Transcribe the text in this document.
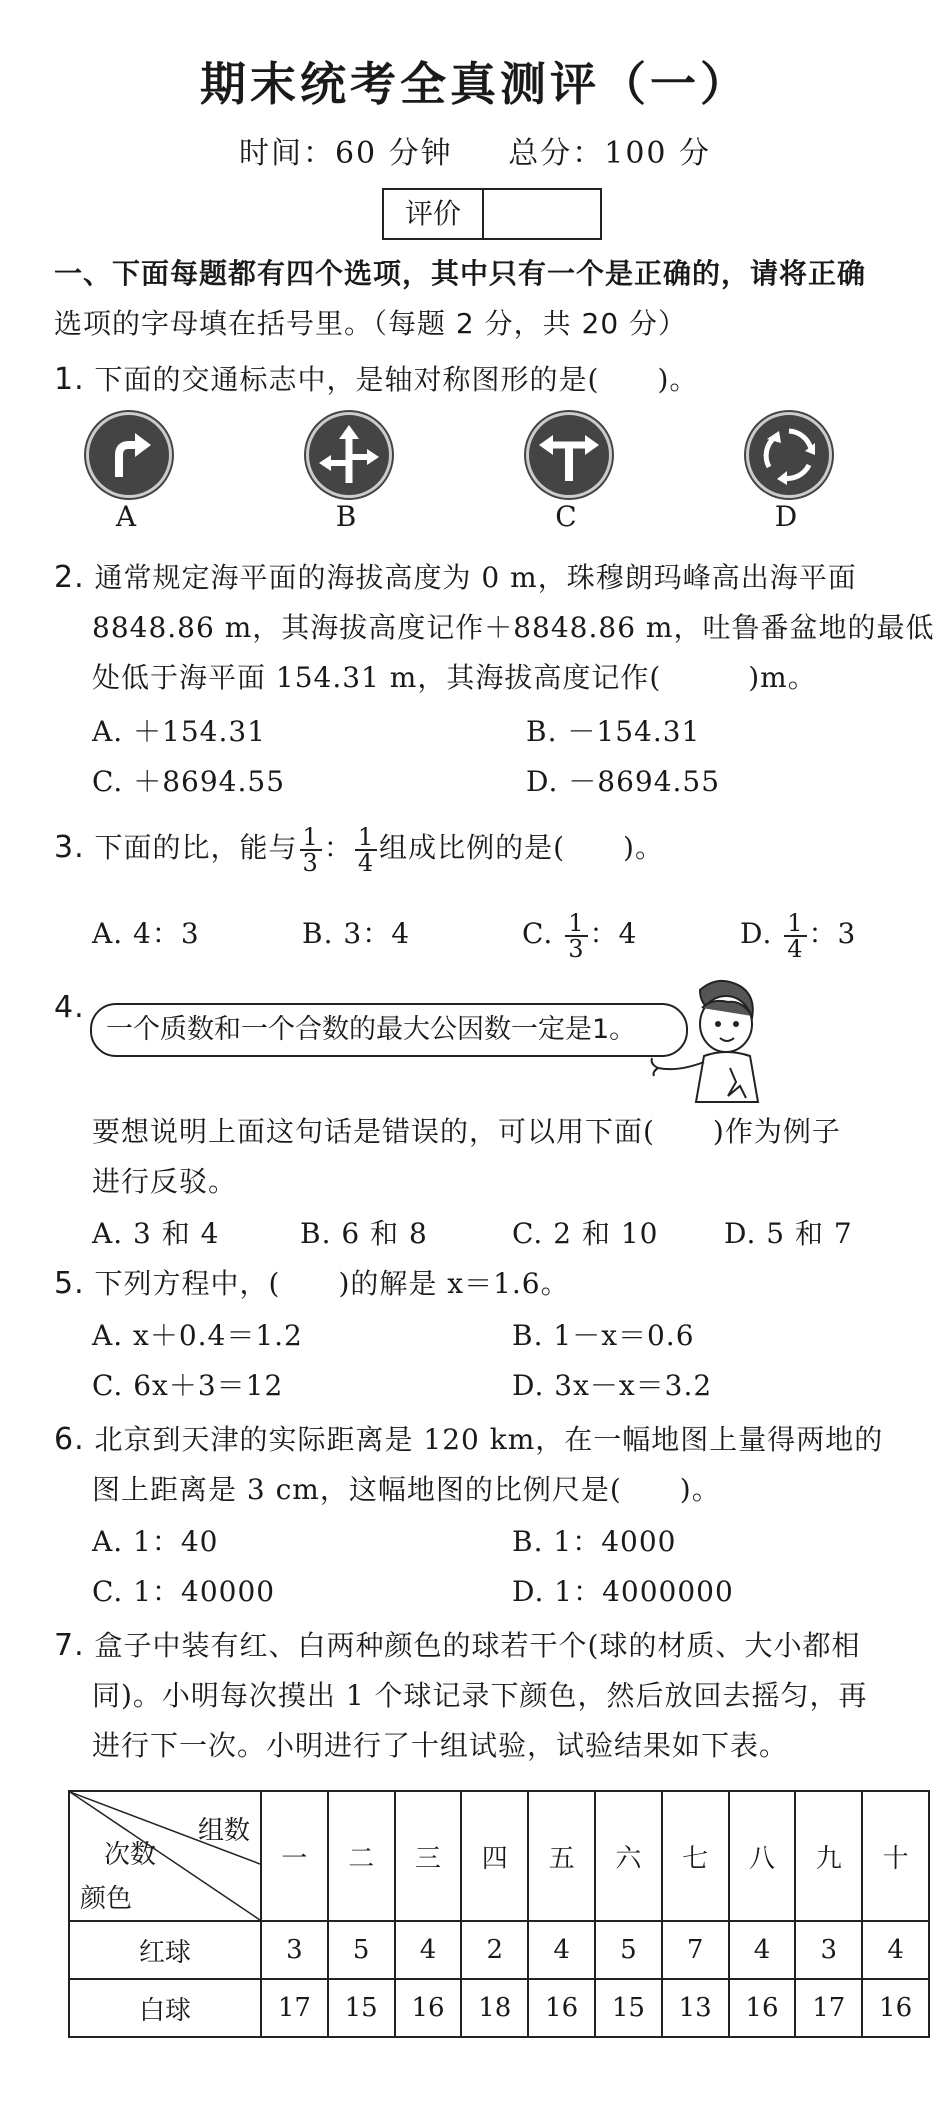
期末统考全真测评（一）
时间：60 分钟 总分：100 分
评价
一、下面每题都有四个选项，其中只有一个是正确的，请将正确
选项的字母填在括号里。（每题 2 分，共 20 分）
1. 下面的交通标志中，是轴对称图形的是(　　)。
A	B	C	D
2. 通常规定海平面的海拔高度为 0 m，珠穆朗玛峰高出海平面
8848.86 m，其海拔高度记作＋8848.86 m，吐鲁番盆地的最低
处低于海平面 154.31 m，其海拔高度记作(　　　)m。
A. ＋154.31	B. －154.31
C. ＋8694.55	D. －8694.55
3. 下面的比，能与 $\frac{1}{3}$ ： $\frac{1}{4}$ 组成比例的是(　　)。
A. 4：3	B. 3：4	C. $\frac{1}{3}$ ：4	D. $\frac{1}{4}$ ：3
4.
一个质数和一个合数的最大公因数一定是1。
要想说明上面这句话是错误的，可以用下面(　　)作为例子
进行反驳。
A. 3 和 4	B. 6 和 8	C. 2 和 10 D. 5 和 7
5. 下列方程中，(　　)的解是 x＝1.6。
A. x＋0.4＝1.2	B. 1－x＝0.6
C. 6x＋3＝12	D. 3x－x＝3.2
6. 北京到天津的实际距离是 120 km，在一幅地图上量得两地的
图上距离是 3 cm，这幅地图的比例尺是(　　)。
A. 1：40	B. 1：4000
C. 1：40000	D. 1：4000000
7. 盒子中装有红、白两种颜色的球若干个(球的材质、大小都相
同)。小明每次摸出 1 个球记录下颜色，然后放回去摇匀，再
进行下一次。小明进行了十组试验，试验结果如下表。
组数
次数
颜色	一	二	三	四	五	六	七	八	九	十
红球	3	5	4	2	4	5	7	4	3	4
白球	17	15	16	18	16	15	13	16	17	16
